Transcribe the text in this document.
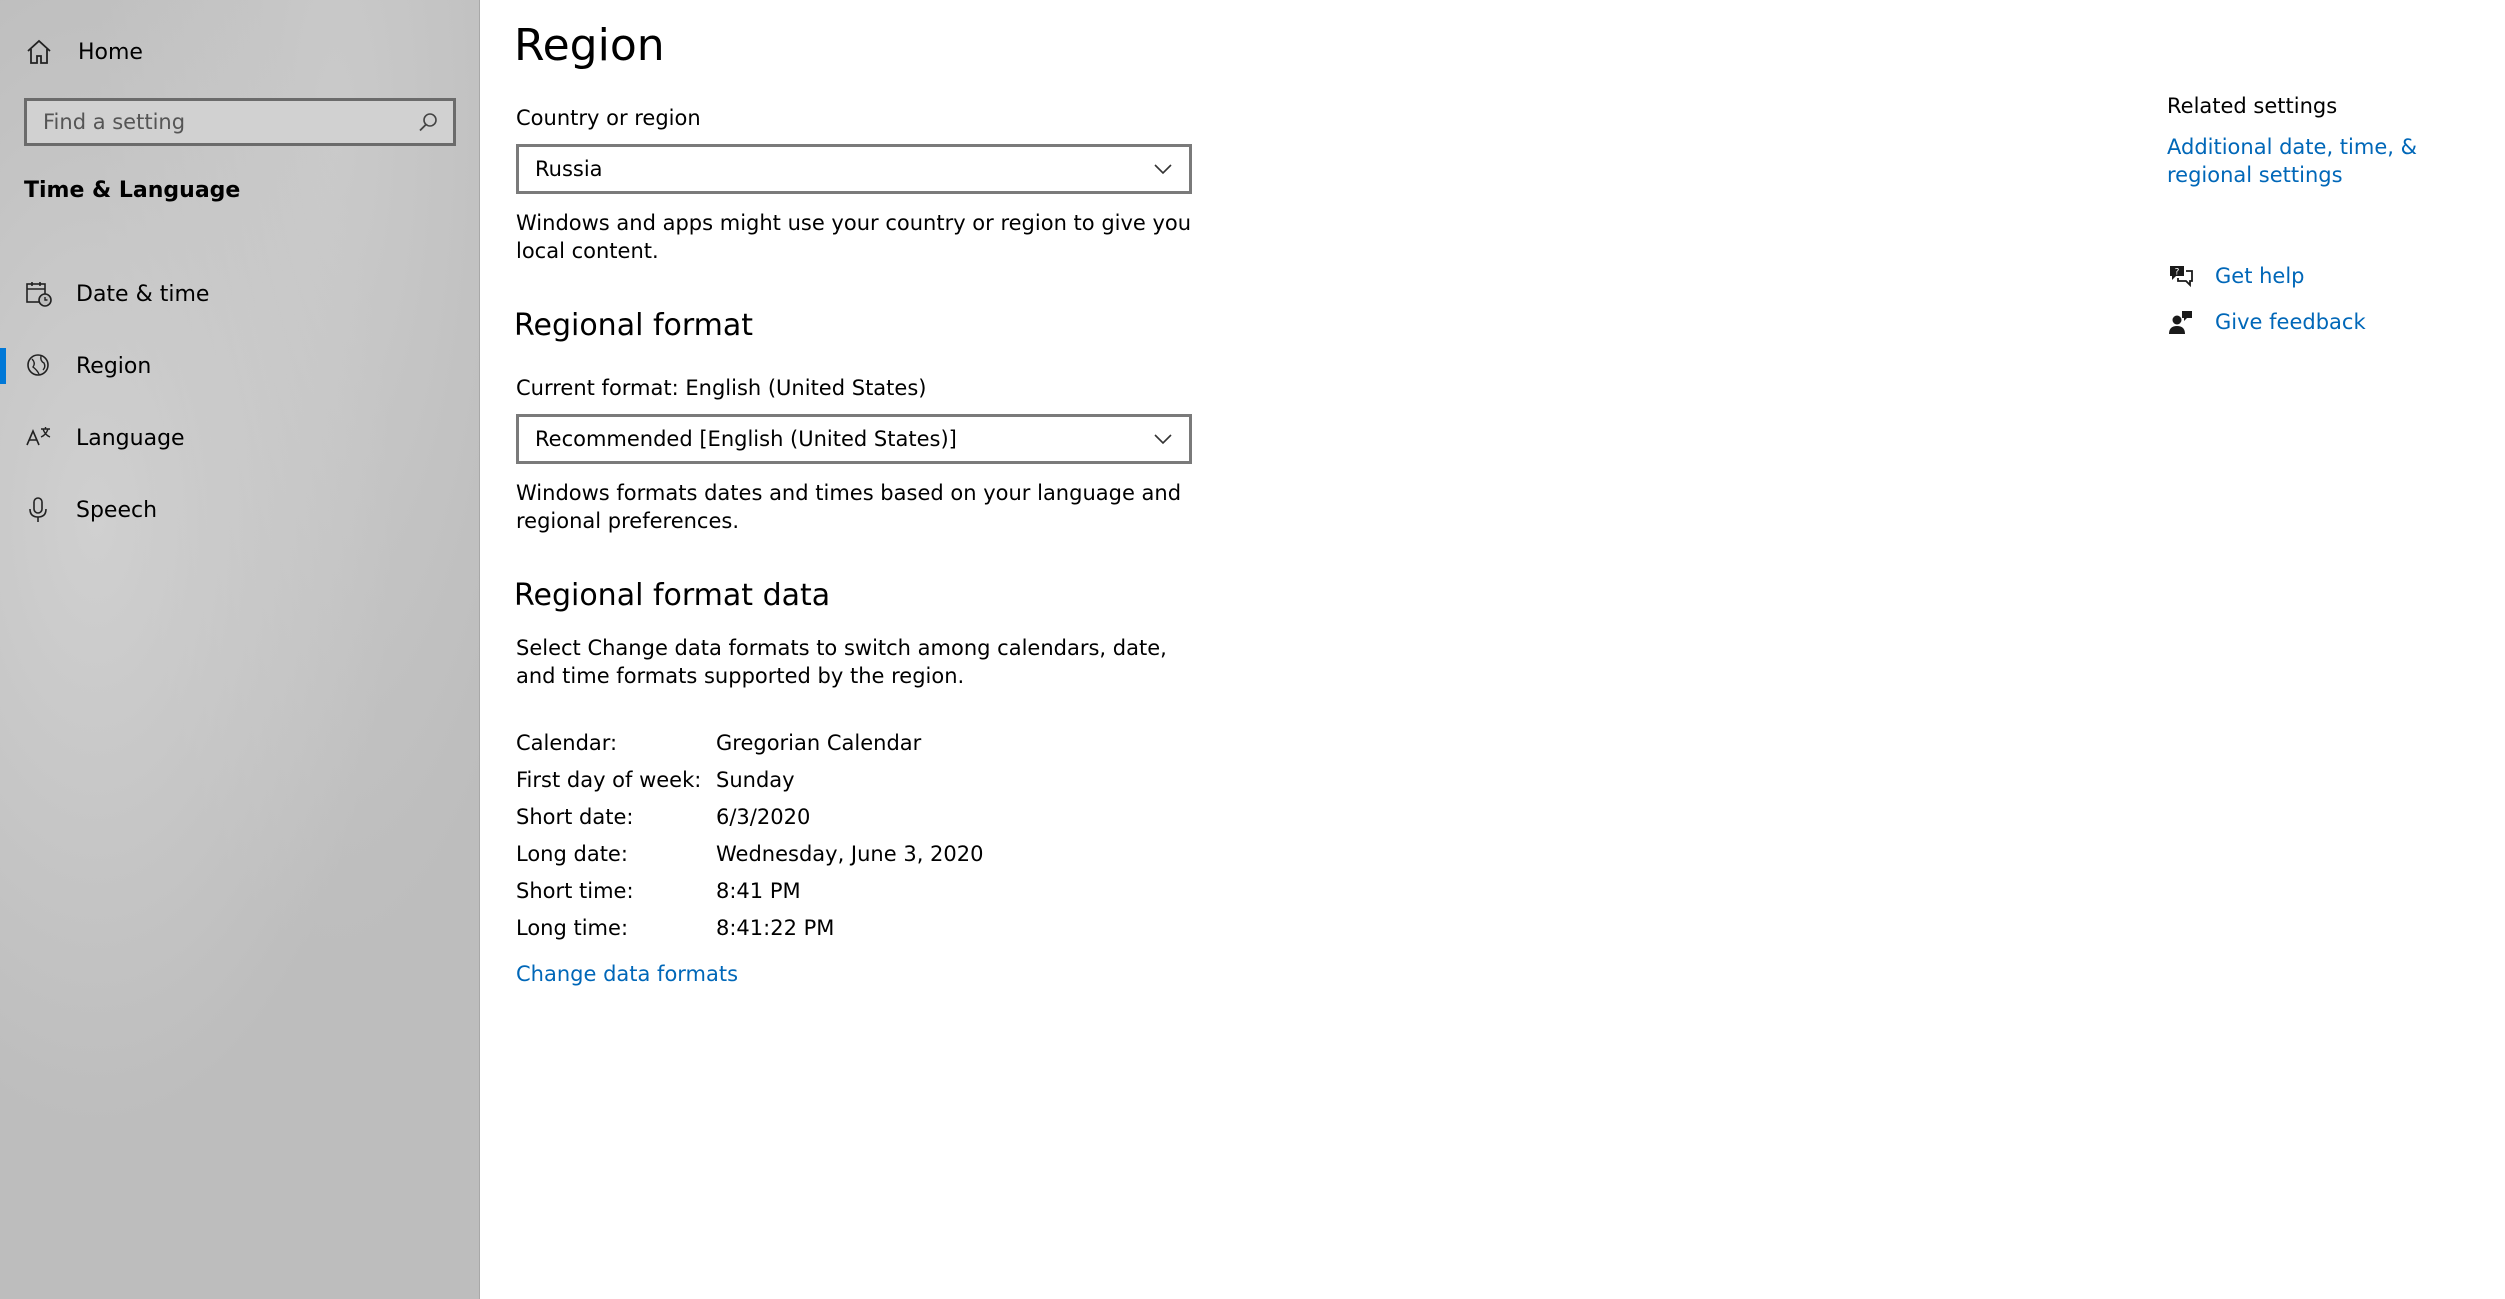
Home
Find a setting
Time & Language
Date & time
Region
Language
Speech
Region
Country or region
Russia
Windows and apps might use your country or region to give you local content.
Regional format
Current format: English (United States)
Recommended [English (United States)]
Windows formats dates and times based on your language and regional preferences.
Regional format data
Select Change data formats to switch among calendars, date, and time formats supported by the region.
Calendar:	Gregorian Calendar
First day of week: Sunday
Short date:	6/3/2020
Long date:	Wednesday, June 3, 2020
Short time:	8:41 PM
Long time:	8:41:22 PM
Change data formats
Related settings
Additional date, time, & regional settings
? Get help
Give feedback
